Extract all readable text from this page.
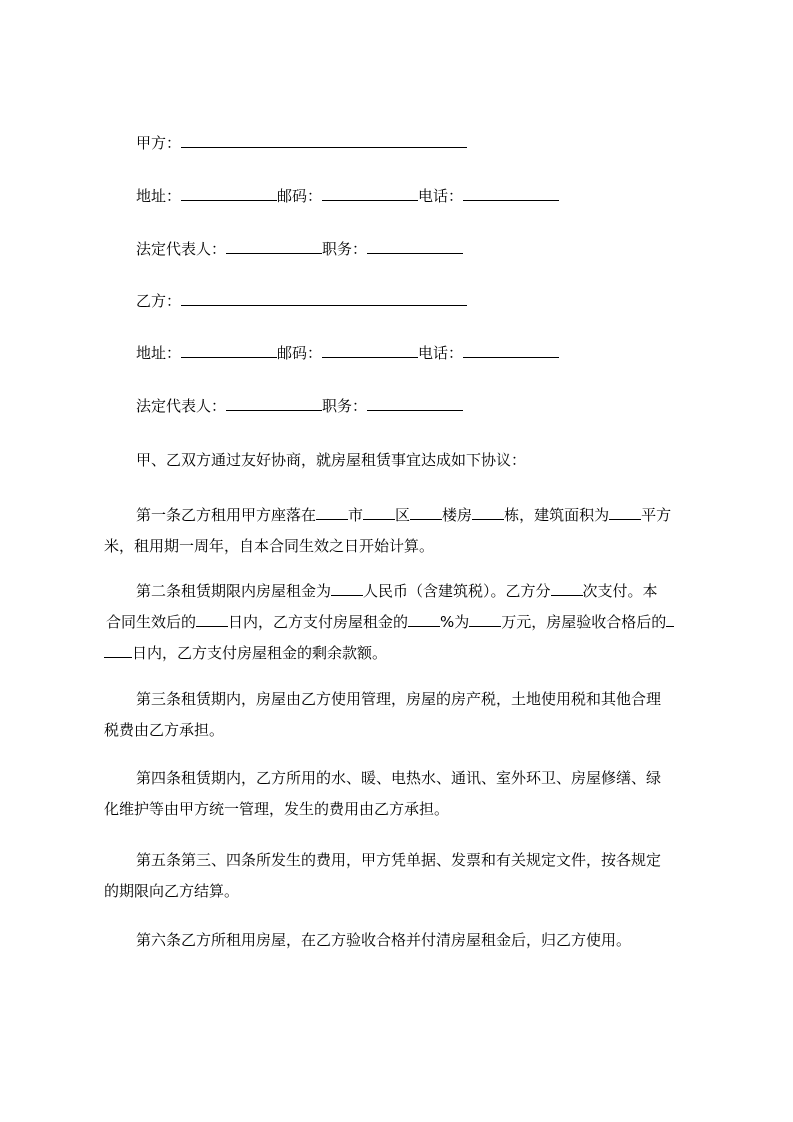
甲方：
地址：	邮码：	电话：
法定代表人：	职务：
乙方：
地址：	邮码：	电话：
法定代表人：	职务：
甲、乙双方通过友好协商，就房屋租赁事宜达成如下协议：
第一条乙方租用甲方座落在 市 区 楼房 栋，建筑面积为 平方
米，租用期一周年，自本合同生效之日开始计算。
第二条租赁期限内房屋租金为 人民币（含建筑税）。乙方分 次支付。本
合同生效后的 日内，乙方支付房屋租金的 %为 万元，房屋验收合格后的
日内，乙方支付房屋租金的剩余款额。
第三条租赁期内，房屋由乙方使用管理，房屋的房产税，土地使用税和其他合理
税费由乙方承担。
第四条租赁期内，乙方所用的水、暖、电热水、通讯、室外环卫、房屋修缮、绿
化维护等由甲方统一管理，发生的费用由乙方承担。
第五条第三、四条所发生的费用，甲方凭单据、发票和有关规定文件，按各规定
的期限向乙方结算。
第六条乙方所租用房屋，在乙方验收合格并付清房屋租金后，归乙方使用。
